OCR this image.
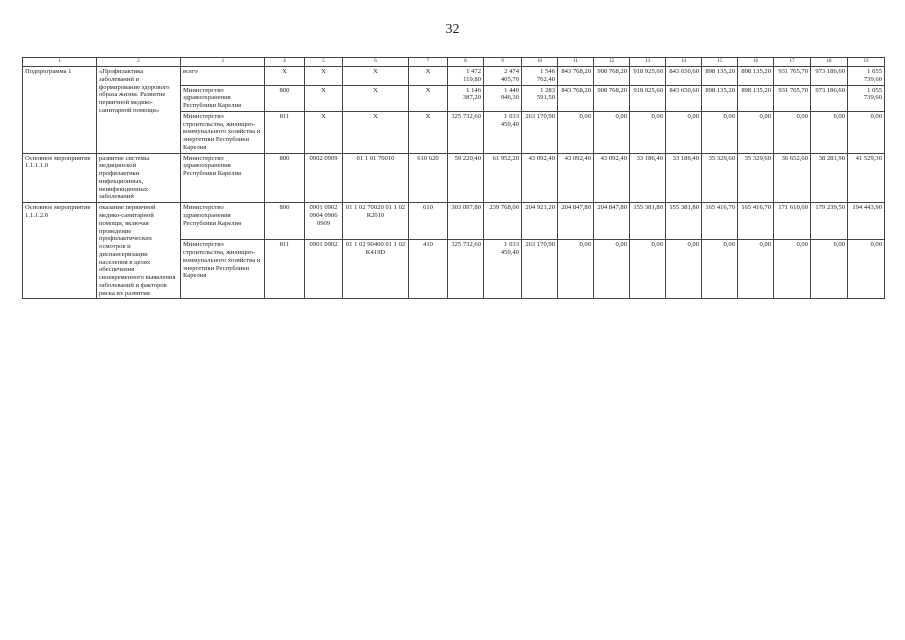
32
1	2	3	4	5	6	7	8	9	10	11	12	13	14	15	16	17	18	19
Подпрограмма 1	«Профилактика заболеваний и формирование здорового образа жизни. Развитие первичной медико-санитарной помощи»	всего	X	X	X	X	1 472 119,80	2 474 405,70	1 546 762,40	843 768,20	908 768,20	918 925,60	843 650,60	898 135,20	898 135,20	931 765,70	973 186,60	1 055 739,60
		Министерство здравоохранения Республики Карелия	800	X	X	X	1 146 387,20	1 440 946,30	1 283 591,50	843 768,20	908 768,20	918 925,60	843 650,60	898 135,20	898 135,20	931 765,70	973 186,60	1 055 739,60
		Министерство строительства, жилищно-коммунального хозяйства и энергетики Республики Карелия	811	X	X	X	325 732,60	1 033 459,40	263 170,90	0,00	0,00	0,00	0,00	0,00	0,00	0,00	0,00	0,00
Основное мероприятие 1.1.1.1.0	развитие системы медицинской профилактики инфекционных, неинфекционных заболеваний	Министерство здравоохранения Республики Карелия	800	0902 0909	01 1 01 70010	610 620	59 220,40	61 952,20	43 092,40	43 092,40	43 092,40	33 186,40	33 186,40	35 329,60	35 329,60	36 652,60	38 281,90	41 529,30
Основное мероприятие 1.1.1.2.0	оказание первичной медико-санитарной помощи, включая проведение профилактических осмотров и диспансеризации населения в целях обеспечения своевременного выявления заболеваний и факторов риска их развития	Министерство здравоохранения Республики Карелия	800	0901 0902 0904 0906 0909	01 1 02 70020 01 1 02 R2010	610	303 097,80	239 768,00	204 921,20	204 847,80	204 847,80	155 381,80	155 381,80	165 416,70	165 416,70	171 610,60	179 239,50	194 443,90
		Министерство строительства, жилищно-коммунального хозяйства и энергетики Республики Карелия	811	0901 0902	01 1 02 90400 01 1 02 K419D	410	325 732,60	1 033 459,40	263 170,90	0,00	0,00	0,00	0,00	0,00	0,00	0,00	0,00	0,00
